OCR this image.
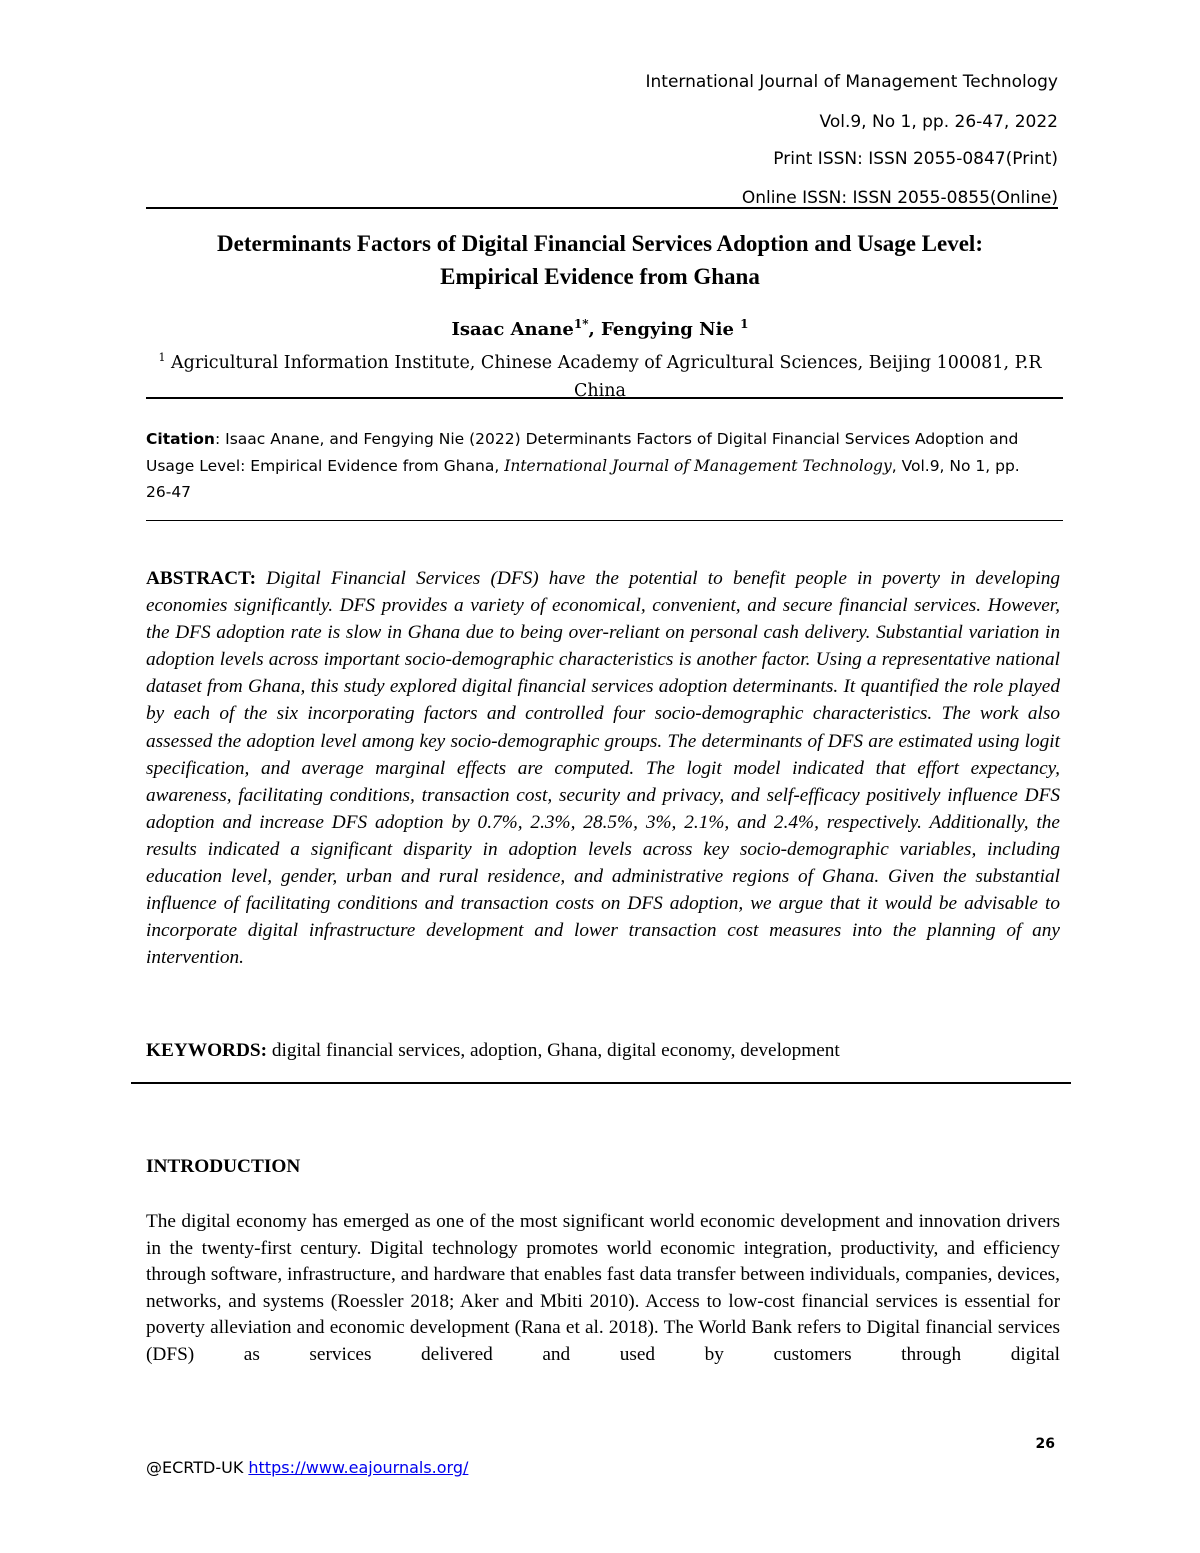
International Journal of Management Technology
Vol.9, No 1, pp. 26-47, 2022
Print ISSN: ISSN 2055-0847(Print)
Online ISSN: ISSN 2055-0855(Online)
Determinants Factors of Digital Financial Services Adoption and Usage Level:
Empirical Evidence from Ghana
Isaac Anane$^{1*}$, Fengying Nie $^1$
$^1$ Agricultural Information Institute, Chinese Academy of Agricultural Sciences, Beijing 100081, P.R China
Citation: Isaac Anane, and Fengying Nie (2022) Determinants Factors of Digital Financial Services Adoption and Usage Level: Empirical Evidence from Ghana, International Journal of Management Technology, Vol.9, No 1, pp. 26-47
ABSTRACT: Digital Financial Services (DFS) have the potential to benefit people in poverty in developing economies significantly. DFS provides a variety of economical, convenient, and secure financial services. However, the DFS adoption rate is slow in Ghana due to being over-reliant on personal cash delivery. Substantial variation in adoption levels across important socio-demographic characteristics is another factor. Using a representative national dataset from Ghana, this study explored digital financial services adoption determinants. It quantified the role played by each of the six incorporating factors and controlled four socio-demographic characteristics. The work also assessed the adoption level among key socio-demographic groups. The determinants of DFS are estimated using logit specification, and average marginal effects are computed. The logit model indicated that effort expectancy, awareness, facilitating conditions, transaction cost, security and privacy, and self-efficacy positively influence DFS adoption and increase DFS adoption by 0.7%, 2.3%, 28.5%, 3%, 2.1%, and 2.4%, respectively. Additionally, the results indicated a significant disparity in adoption levels across key socio-demographic variables, including education level, gender, urban and rural residence, and administrative regions of Ghana. Given the substantial influence of facilitating conditions and transaction costs on DFS adoption, we argue that it would be advisable to incorporate digital infrastructure development and lower transaction cost measures into the planning of any intervention.
KEYWORDS: digital financial services, adoption, Ghana, digital economy, development
INTRODUCTION
The digital economy has emerged as one of the most significant world economic development and innovation drivers in the twenty-first century. Digital technology promotes world economic integration, productivity, and efficiency through software, infrastructure, and hardware that enables fast data transfer between individuals, companies, devices, networks, and systems (Roessler 2018; Aker and Mbiti 2010). Access to low-cost financial services is essential for poverty alleviation and economic development (Rana et al. 2018). The World Bank refers to Digital financial services (DFS) as services delivered and used by customers through digital
26
@ECRTD-UK https://www.eajournals.org/
